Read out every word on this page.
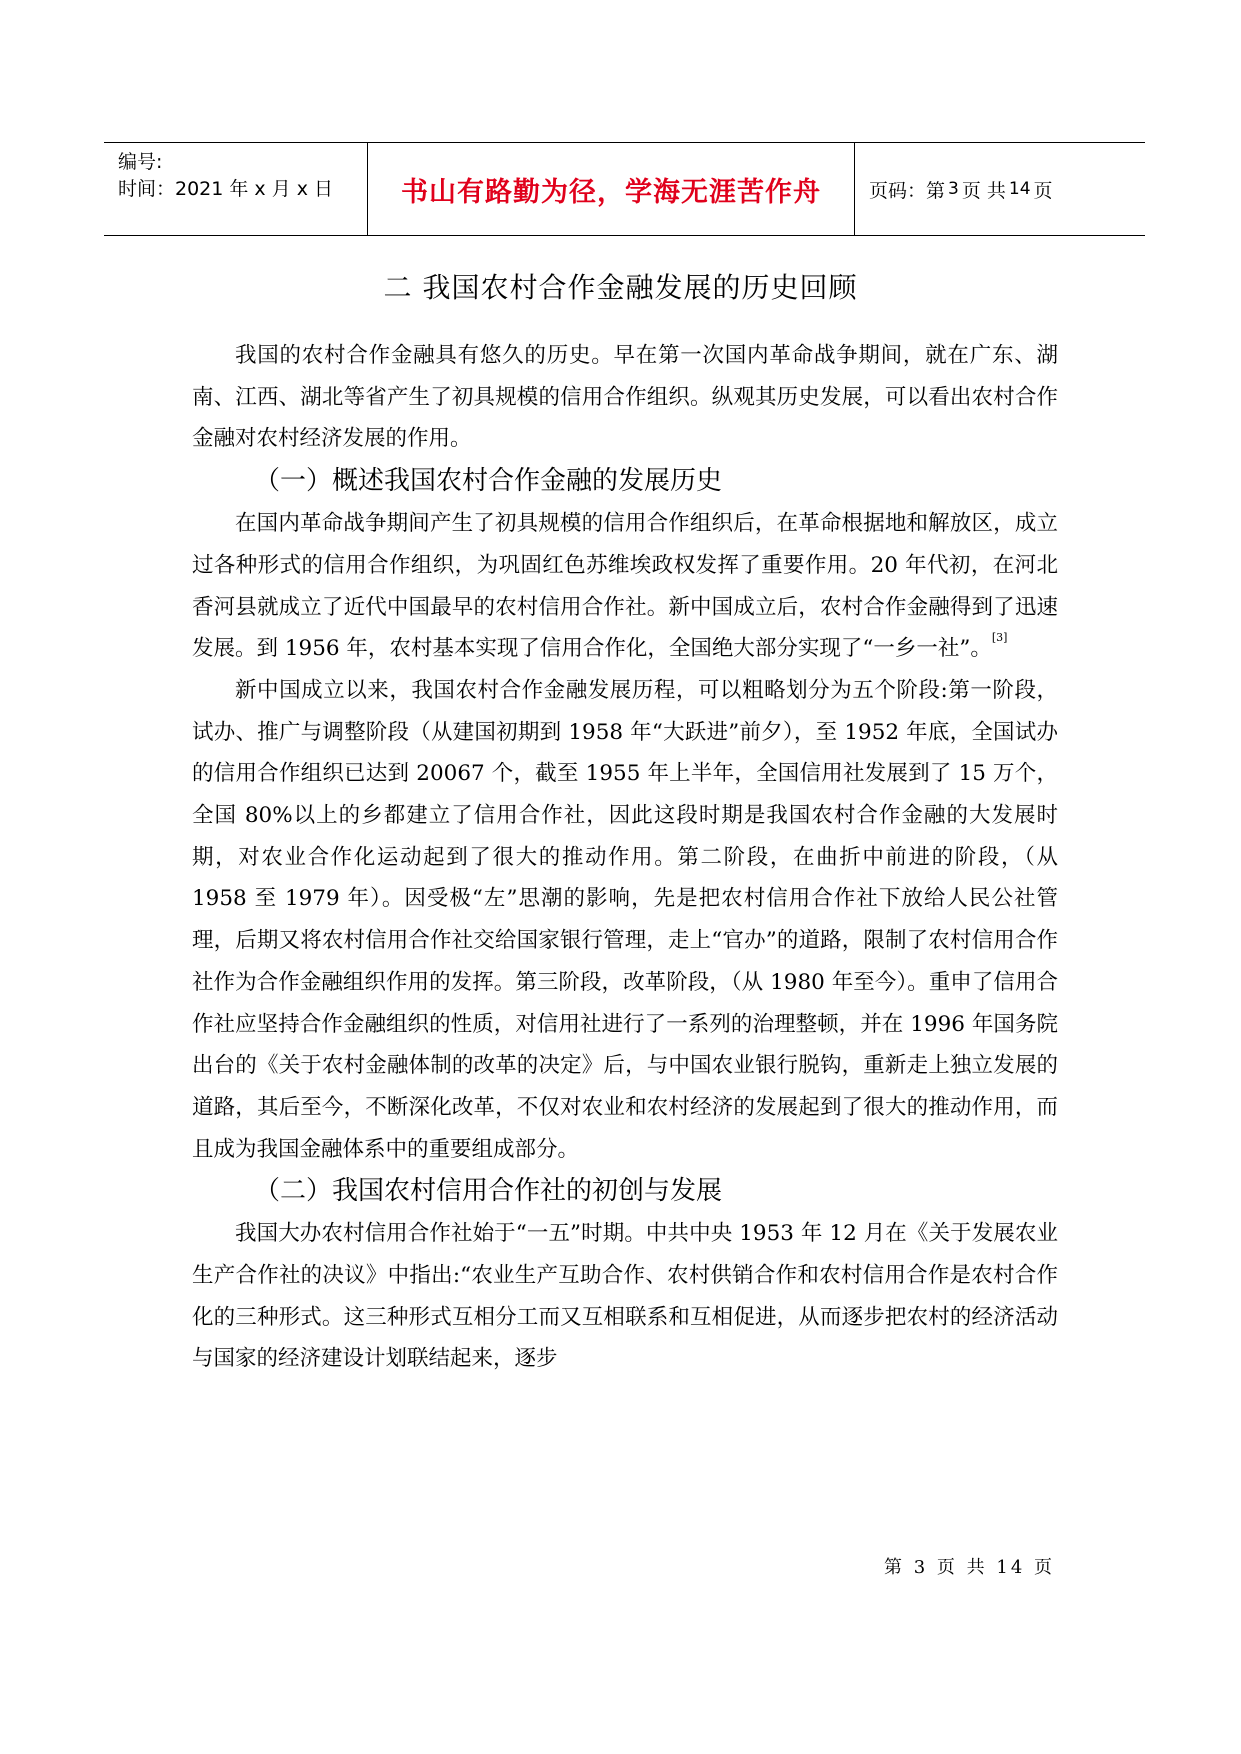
编号:
时间：2021 年 x 月 x 日	书山有路勤为径，学海无涯苦作舟	页码：第 3 页 共 14 页
二 我国农村合作金融发展的历史回顾

我国的农村合作金融具有悠久的历史。早在第一次国内革命战争期间，就在广东、湖南、江西、湖北等省产生了初具规模的信用合作组织。纵观其历史发展，可以看出农村合作金融对农村经济发展的作用。

（一）概述我国农村合作金融的发展历史

在国内革命战争期间产生了初具规模的信用合作组织后，在革命根据地和解放区，成立过各种形式的信用合作组织，为巩固红色苏维埃政权发挥了重要作用。20 年代初，在河北香河县就成立了近代中国最早的农村信用合作社。新中国成立后，农村合作金融得到了迅速发展。到 1956 年，农村基本实现了信用合作化，全国绝大部分实现了“一乡一社”。[3]

新中国成立以来，我国农村合作金融发展历程，可以粗略划分为五个阶段:第一阶段，试办、推广与调整阶段（从建国初期到 1958 年“大跃进”前夕），至 1952 年底，全国试办的信用合作组织已达到 20067 个，截至 1955 年上半年，全国信用社发展到了 15 万个，全国 80%以上的乡都建立了信用合作社，因此这段时期是我国农村合作金融的大发展时期，对农业合作化运动起到了很大的推动作用。第二阶段，在曲折中前进的阶段，（从 1958 至 1979 年）。因受极“左”思潮的影响，先是把农村信用合作社下放给人民公社管理，后期又将农村信用合作社交给国家银行管理，走上“官办”的道路，限制了农村信用合作社作为合作金融组织作用的发挥。第三阶段，改革阶段，（从 1980 年至今）。重申了信用合作社应坚持合作金融组织的性质，对信用社进行了一系列的治理整顿，并在 1996 年国务院出台的《关于农村金融体制的改革的决定》后，与中国农业银行脱钩，重新走上独立发展的道路，其后至今，不断深化改革，不仅对农业和农村经济的发展起到了很大的推动作用，而且成为我国金融体系中的重要组成部分。

（二）我国农村信用合作社的初创与发展

我国大办农村信用合作社始于“一五”时期。中共中央 1953 年 12 月在《关于发展农业生产合作社的决议》中指出:“农业生产互助合作、农村供销合作和农村信用合作是农村合作化的三种形式。这三种形式互相分工而又互相联系和互相促进，从而逐步把农村的经济活动与国家的经济建设计划联结起来，逐步

第 3 页 共 14 页
